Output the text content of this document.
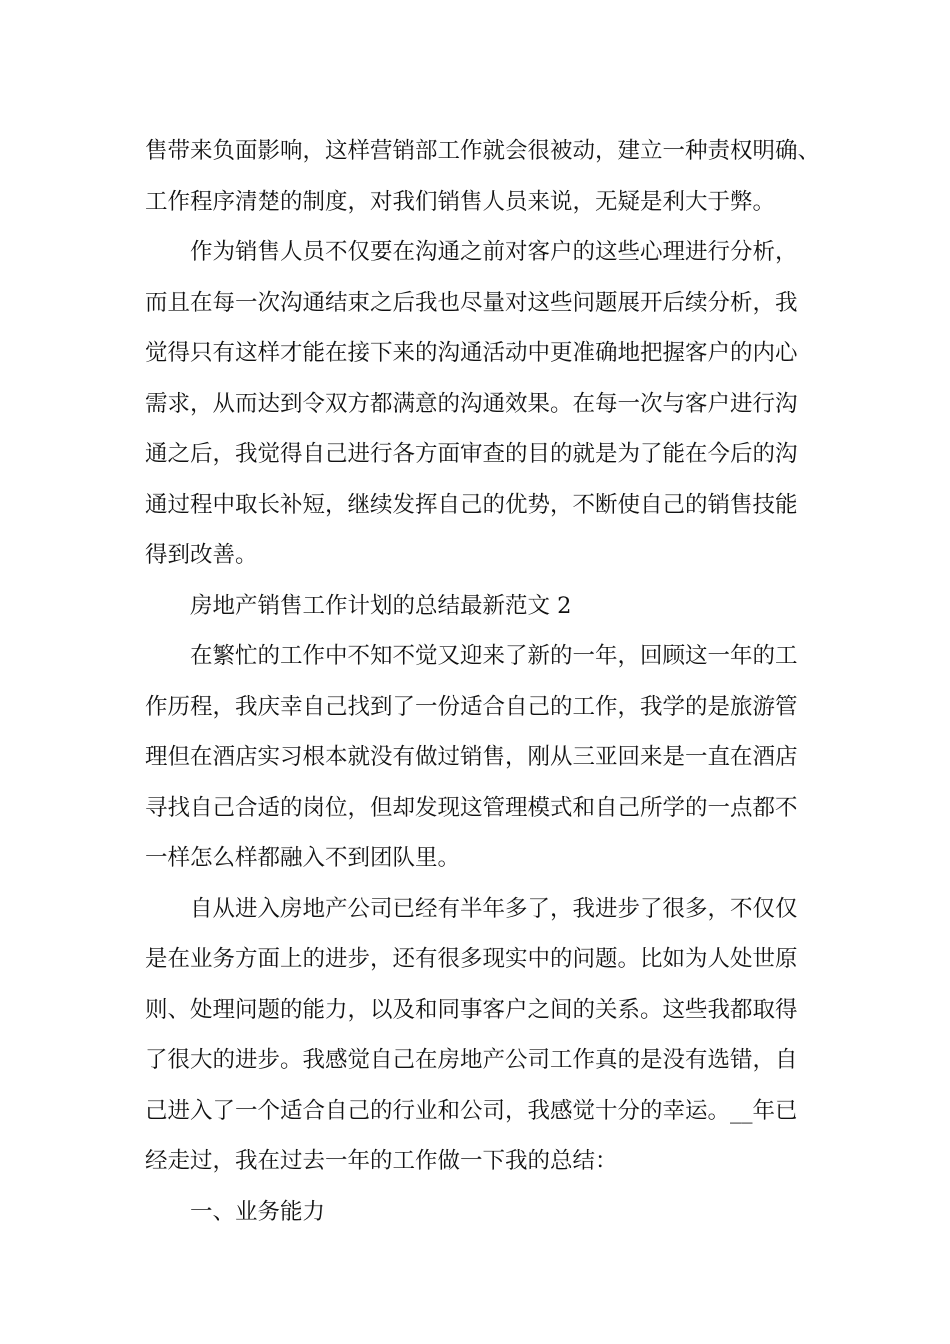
售带来负面影响，这样营销部工作就会很被动，建立一种责权明确、
工作程序清楚的制度，对我们销售人员来说，无疑是利大于弊。
作为销售人员不仅要在沟通之前对客户的这些心理进行分析，
而且在每一次沟通结束之后我也尽量对这些问题展开后续分析，我
觉得只有这样才能在接下来的沟通活动中更准确地把握客户的内心
需求，从而达到令双方都满意的沟通效果。在每一次与客户进行沟
通之后，我觉得自己进行各方面审查的目的就是为了能在今后的沟
通过程中取长补短，继续发挥自己的优势，不断使自己的销售技能
得到改善。
房地产销售工作计划的总结最新范文 2
在繁忙的工作中不知不觉又迎来了新的一年，回顾这一年的工
作历程，我庆幸自己找到了一份适合自己的工作，我学的是旅游管
理但在酒店实习根本就没有做过销售，刚从三亚回来是一直在酒店
寻找自己合适的岗位，但却发现这管理模式和自己所学的一点都不
一样怎么样都融入不到团队里。
自从进入房地产公司已经有半年多了，我进步了很多，不仅仅
是在业务方面上的进步，还有很多现实中的问题。比如为人处世原
则、处理问题的能力，以及和同事客户之间的关系。这些我都取得
了很大的进步。我感觉自己在房地产公司工作真的是没有选错，自
己进入了一个适合自己的行业和公司，我感觉十分的幸运。__年已
经走过，我在过去一年的工作做一下我的总结：
一、业务能力
